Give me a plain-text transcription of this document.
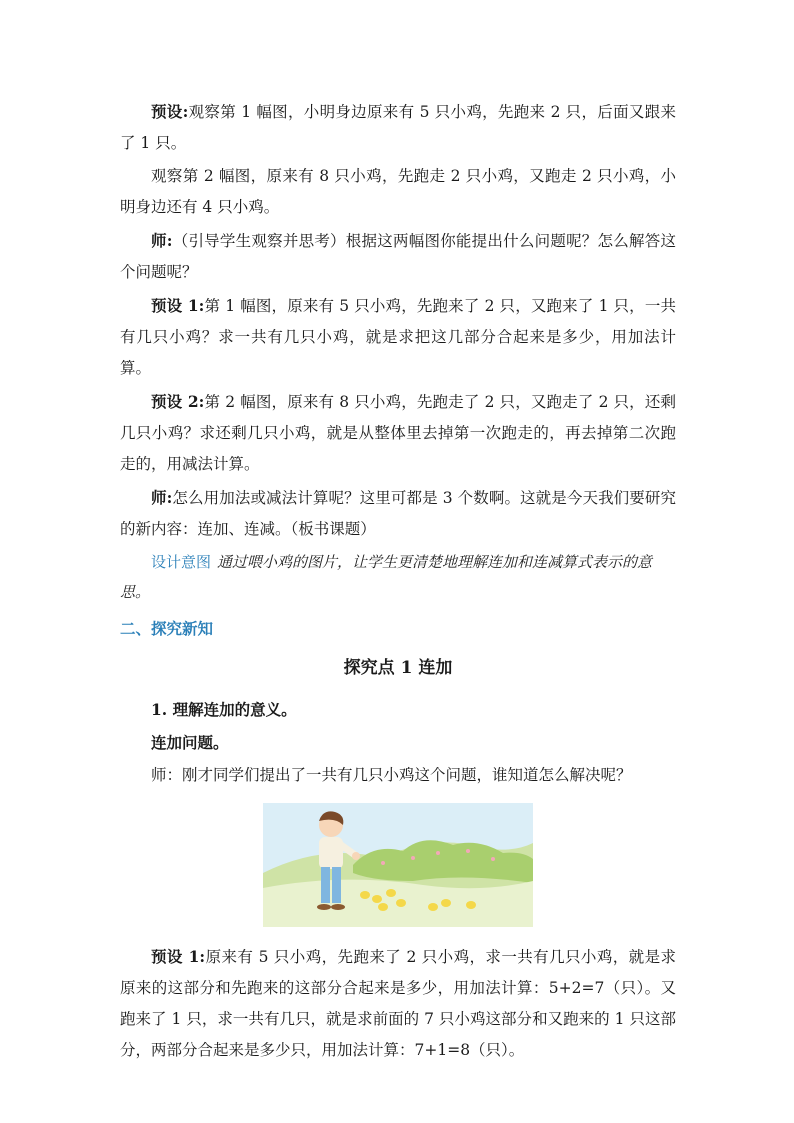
预设:观察第 1 幅图，小明身边原来有 5 只小鸡，先跑来 2 只，后面又跟来了 1 只。

观察第 2 幅图，原来有 8 只小鸡，先跑走 2 只小鸡，又跑走 2 只小鸡，小明身边还有 4 只小鸡。

师:（引导学生观察并思考）根据这两幅图你能提出什么问题呢？怎么解答这个问题呢？

预设 1:第 1 幅图，原来有 5 只小鸡，先跑来了 2 只，又跑来了 1 只，一共有几只小鸡？求一共有几只小鸡，就是求把这几部分合起来是多少，用加法计算。

预设 2:第 2 幅图，原来有 8 只小鸡，先跑走了 2 只，又跑走了 2 只，还剩几只小鸡？求还剩几只小鸡，就是从整体里去掉第一次跑走的，再去掉第二次跑走的，用减法计算。

师:怎么用加法或减法计算呢？这里可都是 3 个数啊。这就是今天我们要研究的新内容：连加、连减。（板书课题）

设计意图 通过喂小鸡的图片，让学生更清楚地理解连加和连减算式表示的意思。

二、探究新知
探究点 1 连加
1. 理解连加的意义。
连加问题。

师：刚才同学们提出了一共有几只小鸡这个问题，谁知道怎么解决呢？

预设 1:原来有 5 只小鸡，先跑来了 2 只小鸡，求一共有几只小鸡，就是求原来的这部分和先跑来的这部分合起来是多少，用加法计算：5+2=7（只）。又跑来了 1 只，求一共有几只，就是求前面的 7 只小鸡这部分和又跑来的 1 只这部分，两部分合起来是多少只，用加法计算：7+1=8（只）。
